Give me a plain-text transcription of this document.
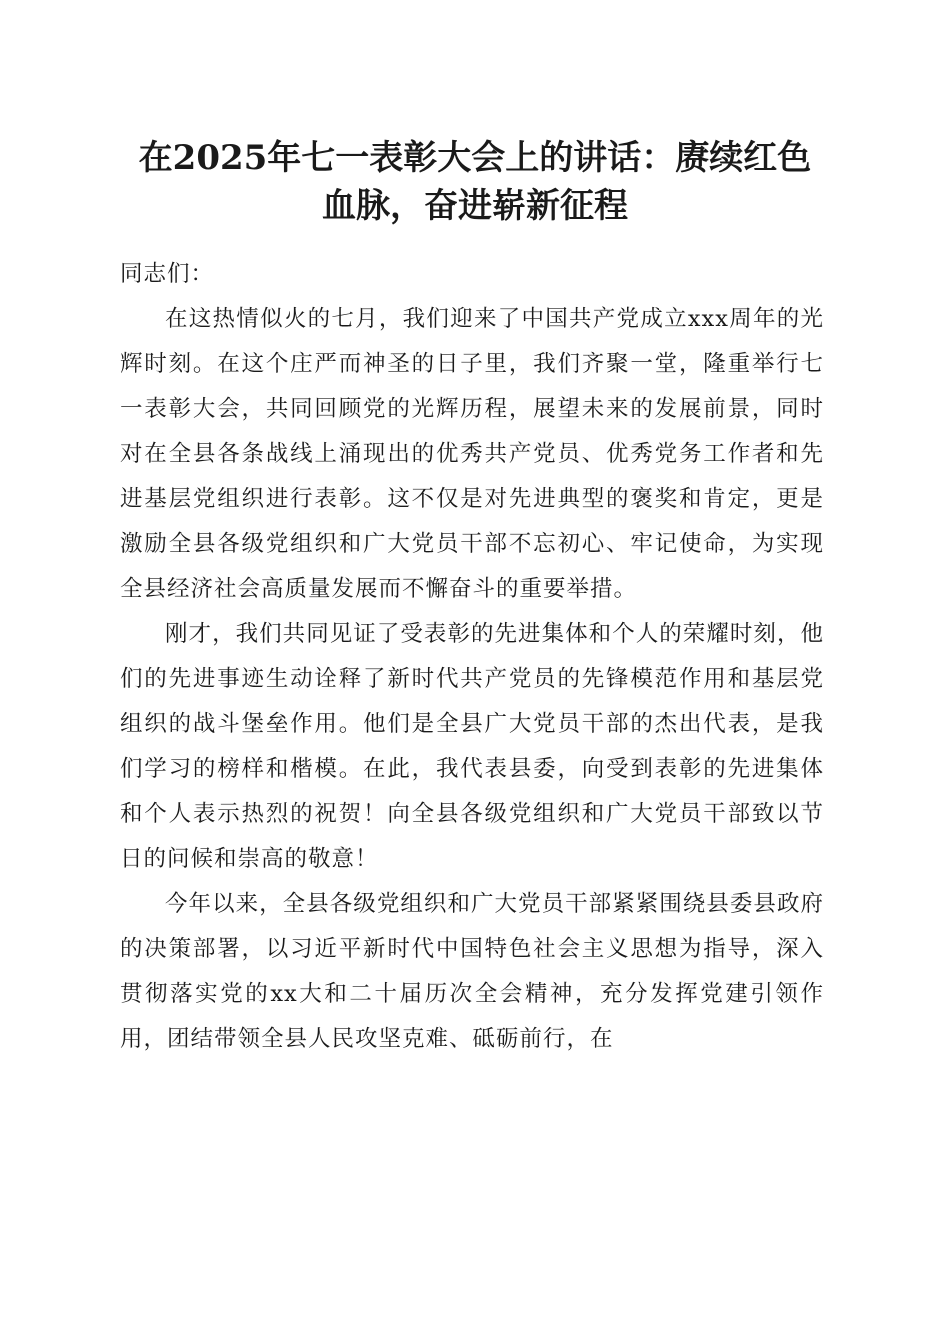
在2025年七一表彰大会上的讲话：赓续红色
血脉，奋进崭新征程

同志们：

在这热情似火的七月，我们迎来了中国共产党成立xxx周年的光辉时刻。在这个庄严而神圣的日子里，我们齐聚一堂，隆重举行七一表彰大会，共同回顾党的光辉历程，展望未来的发展前景，同时对在全县各条战线上涌现出的优秀共产党员、优秀党务工作者和先进基层党组织进行表彰。这不仅是对先进典型的褒奖和肯定，更是激励全县各级党组织和广大党员干部不忘初心、牢记使命，为实现全县经济社会高质量发展而不懈奋斗的重要举措。

刚才，我们共同见证了受表彰的先进集体和个人的荣耀时刻，他们的先进事迹生动诠释了新时代共产党员的先锋模范作用和基层党组织的战斗堡垒作用。他们是全县广大党员干部的杰出代表，是我们学习的榜样和楷模。在此，我代表县委，向受到表彰的先进集体和个人表示热烈的祝贺！向全县各级党组织和广大党员干部致以节日的问候和崇高的敬意！

今年以来，全县各级党组织和广大党员干部紧紧围绕县委县政府的决策部署，以习近平新时代中国特色社会主义思想为指导，深入贯彻落实党的xx大和二十届历次全会精神，充分发挥党建引领作用，团结带领全县人民攻坚克难、砥砺前行，在
